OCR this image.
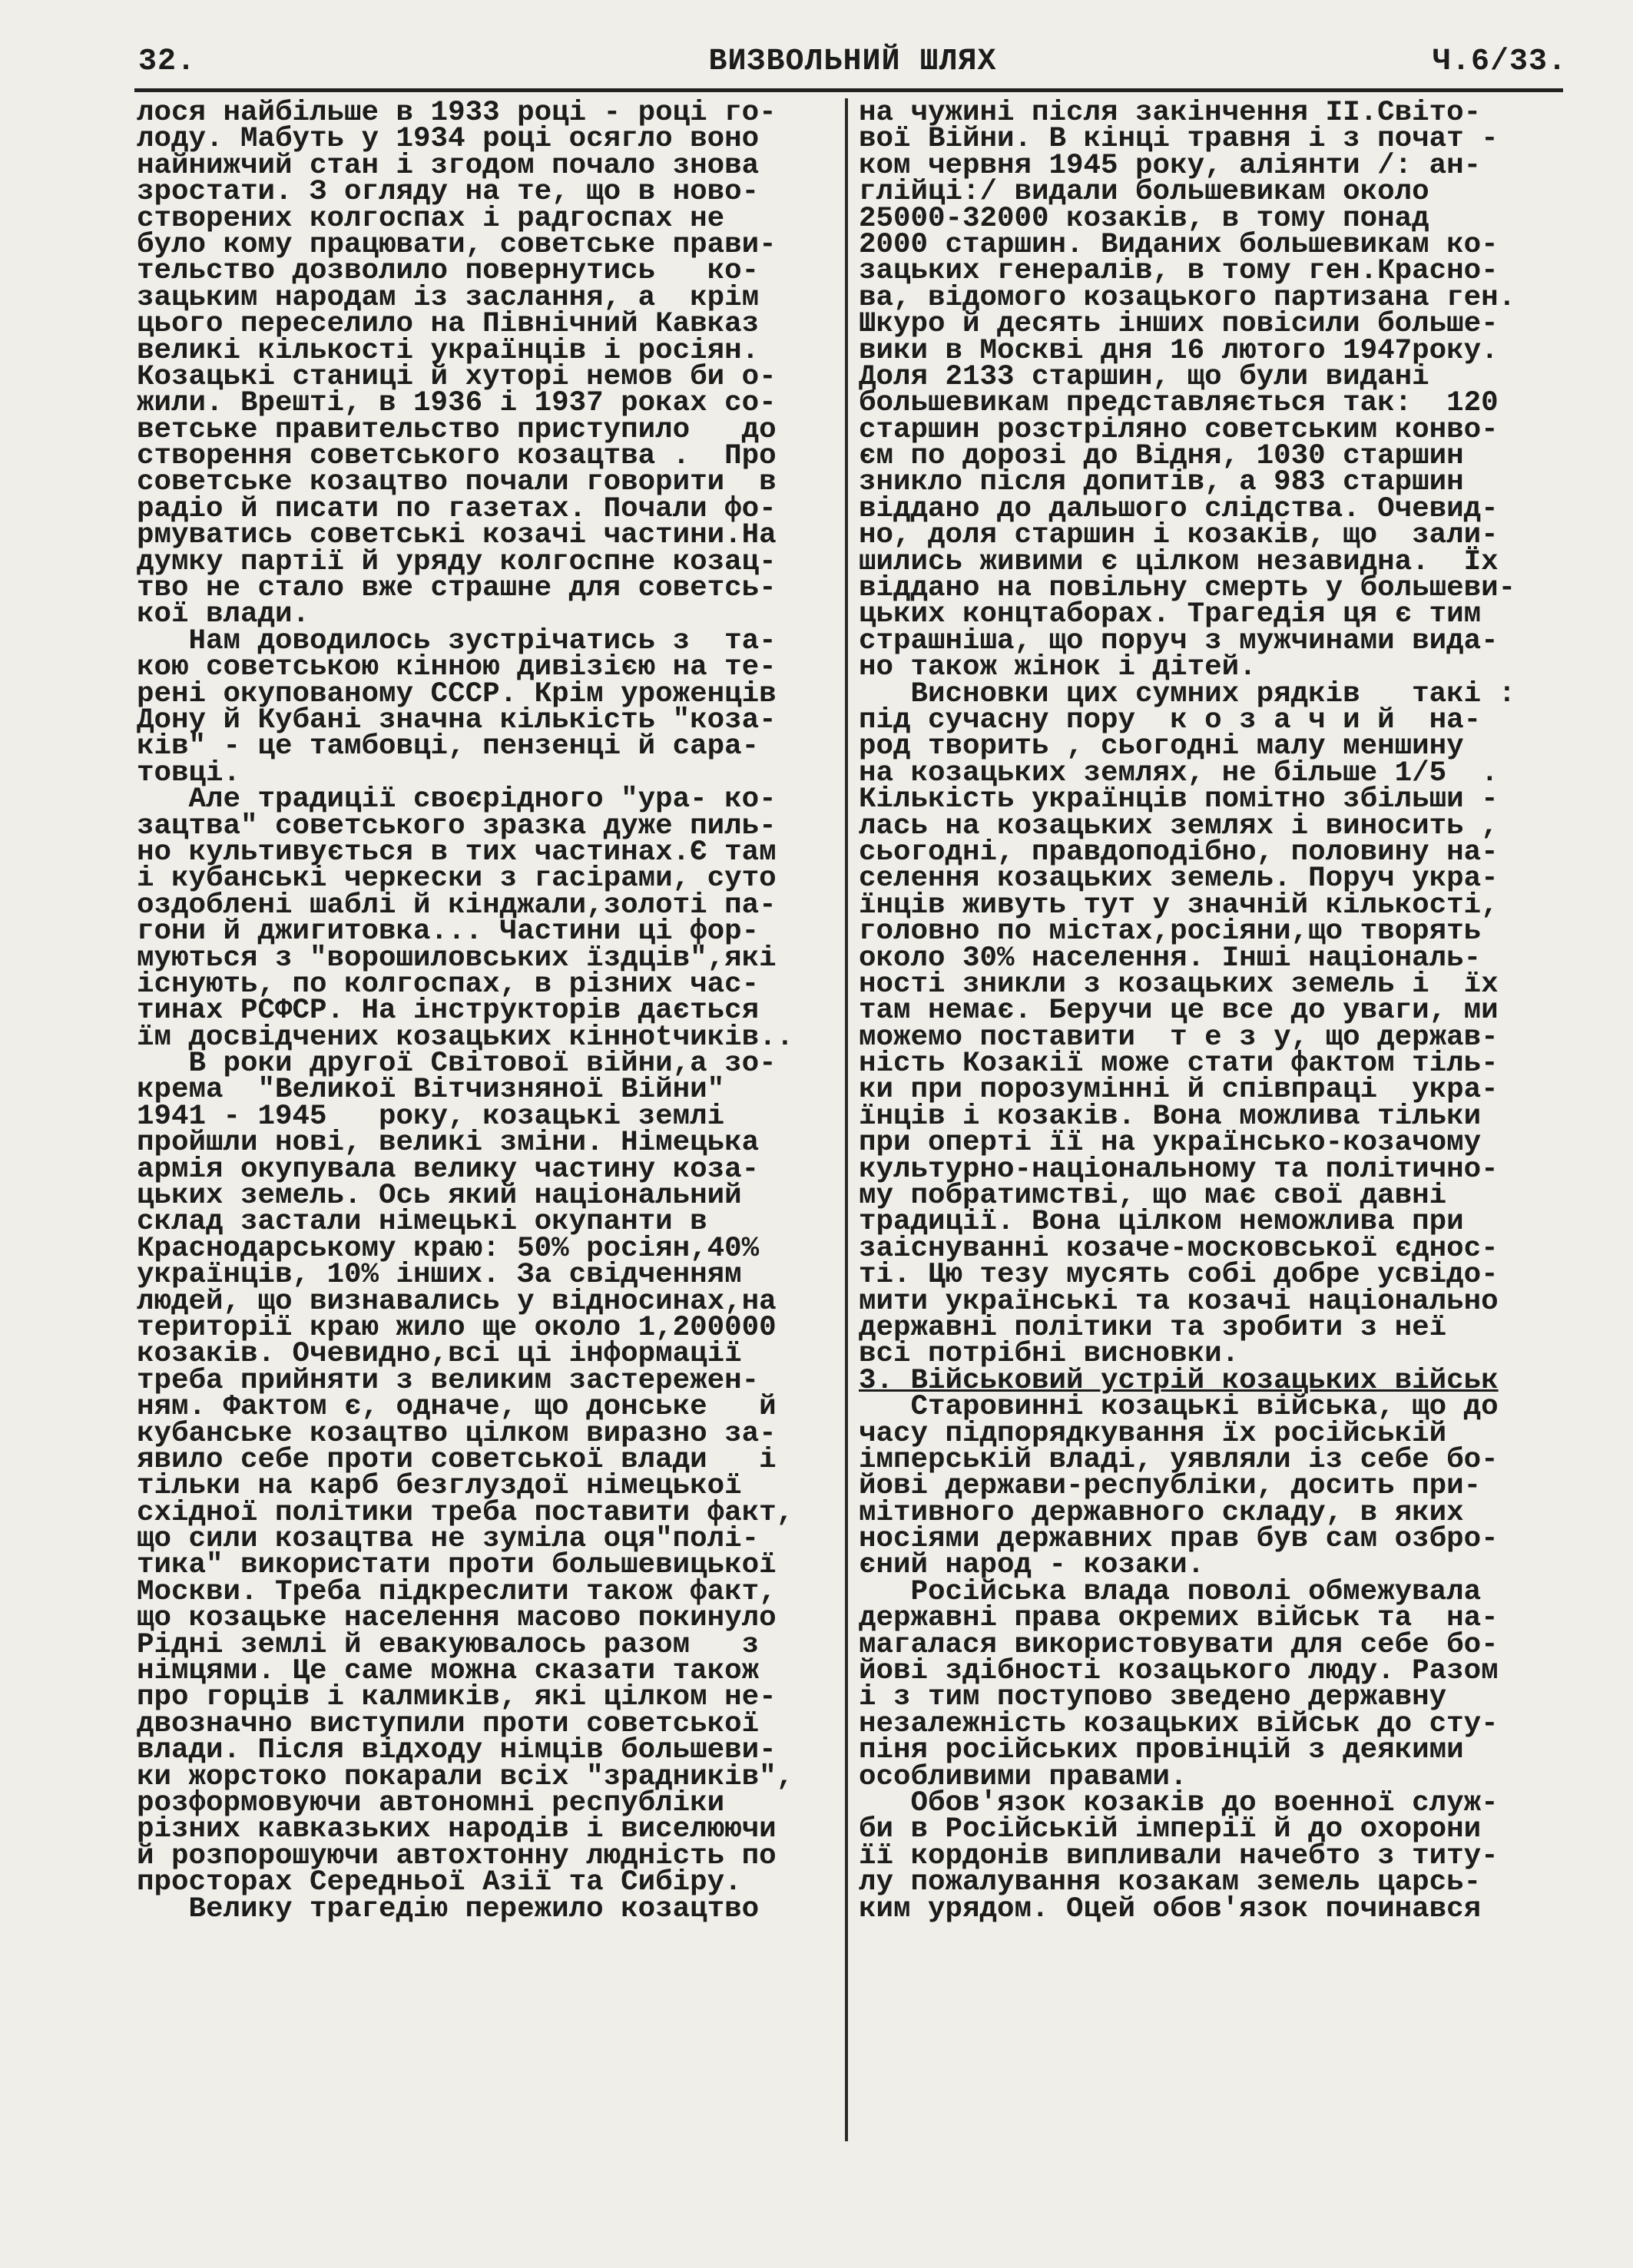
32.	ВИЗВОЛЬНИЙ ШЛЯХ	Ч.6/33.
лося найбільше в 1933 році - році го-
лоду. Мабуть у 1934 році осягло воно
найнижчий стан і згодом почало знова
зростати. З огляду на те, що в ново-
створених колгоспах і радгоспах не
було кому працювати, советське прави-
тельство дозволило повернутись   ко-
зацьким народам із заслання, а  крім
цього переселило на Північний Кавказ
великі кількості українців і росіян.
Козацькі станиці й хуторі немов би о-
жили. Врешті, в 1936 і 1937 роках со-
ветське правительство приступило   до
створення советського козацтва .  Про
советське козацтво почали говорити  в
радіо й писати по газетах. Почали фо-
рмуватись советські козачі частини.На
думку партії й уряду колгоспне козац-
тво не стало вже страшне для советсь-
кої влади.
Нам доводилось зустрічатись з  та-
кою советською кінною дивізією на те-
рені окупованому СССР. Крім уроженців
Дону й Кубані значна кількість "коза-
ків" - це тамбовці, пензенці й сара-
товці.
Але традиції своєрідного "ура- ко-
зацтва" советського зразка дуже пиль-
но культивується в тих частинах.Є там
і кубанські черкески з гасірами, суто
оздоблені шаблі й кінджали,золоті па-
гони й джигитовка... Частини ці фор-
муються з "ворошиловських їздців",які
існують, по колгоспах, в різних час-
тинах РСФСР. На інструкторів дається
їм досвідчених козацьких кінноtчиків..
В роки другої Світової війни,а зо-
крема  "Великої Вітчизняної Війни"
1941 - 1945   року, козацькі землі
пройшли нові, великі зміни. Німецька
армія окупувала велику частину коза-
цьких земель. Ось який національний
склад застали німецькі окупанти в
Краснодарському краю: 50% росіян,40%
українців, 10% інших. За свідченням
людей, що визнавались у відносинах,на
території краю жило ще около 1,200000
козаків. Очевидно,всі ці інформації
треба прийняти з великим застережен-
ням. Фактом є, одначе, що донське   й
кубанське козацтво цілком виразно за-
явило себе проти советської влади   і
тільки на карб безглуздої німецької
східної політики треба поставити факт,
що сили козацтва не зуміла оця"полі-
тика" використати проти большевицької
Москви. Треба підкреслити також факт,
що козацьке населення масово покинуло
Рідні землі й евакуювалось разом   з
німцями. Це саме можна сказати також
про горців і калмиків, які цілком не-
двозначно виступили проти советської
влади. Після відходу німців большеви-
ки жорстоко покарали всіх "зрадників",
розформовуючи автономні республіки
різних кавказьких народів і виселюючи
й розпорошуючи автохтонну людність по
просторах Середньої Азії та Сибіру.
Велику трагедію пережило козацтво
на чужині після закінчення II.Світо-
вої Війни. В кінці травня і з почат -
ком червня 1945 року, аліянти /: ан-
глійці:/ видали большевикам около
25000-32000 козаків, в тому понад
2000 старшин. Виданих большевикам ко-
зацьких генералів, в тому ген.Красно-
ва, відомого козацького партизана ген.
Шкуро й десять інших повісили больше-
вики в Москві дня 16 лютого 1947року.
Доля 2133 старшин, що були видані
большевикам представляється так:  120
старшин розстріляно советським конво-
єм по дорозі до Відня, 1030 старшин
зникло після допитів, а 983 старшин
віддано до дальшого слідства. Очевид-
но, доля старшин і козаків, що  зали-
шились живими є цілком незавидна.  Їх
віддано на повільну смерть у большеви-
цьких концтаборах. Трагедія ця є тим
страшніша, що поруч з мужчинами вида-
но також жінок і дітей.
Висновки цих сумних рядків   такі :
під сучасну пору  к о з а ч и й  на-
род творить , сьогодні малу меншину
на козацьких землях, не більше 1/5  .
Кількість українців помітно збільши -
лась на козацьких землях і виносить ,
сьогодні, правдоподібно, половину на-
селення козацьких земель. Поруч укра-
їнців живуть тут у значній кількості,
головно по містах,росіяни,що творять
около 30% населення. Інші національ-
ності зникли з козацьких земель і  їх
там немає. Беручи це все до уваги, ми
можемо поставити  т е з у, що держав-
ність Козакії може стати фактом тіль-
ки при порозумінні й співпраці  укра-
їнців і козаків. Вона можлива тільки
при оперті її на українсько-козачому
культурно-національному та політично-
му побратимстві, що має свої давні
традиції. Вона цілком неможлива при
заіснуванні козаче-московської єднос-
ті. Цю тезу мусять собі добре усвідо-
мити українські та козачі національно
державні політики та зробити з неї
всі потрібні висновки.
3. Військовий устрій козацьких військ
Старовинні козацькі війська, що до
часу підпорядкування їх російській
імперській владі, уявляли із себе бо-
йові держави-республіки, досить при-
мітивного державного складу, в яких
носіями державних прав був сам озбро-
єний народ - козаки.
Російська влада поволі обмежувала
державні права окремих військ та  на-
магалася використовувати для себе бо-
йові здібності козацького люду. Разом
і з тим поступово зведено державну
незалежність козацьких військ до сту-
піня російських провінцій з деякими
особливими правами.
Обов'язок козаків до военної служ-
би в Російській імперії й до охорони
її кордонів випливали начебто з титу-
лу пожалування козакам земель царсь-
ким урядом. Оцей обов'язок починався
